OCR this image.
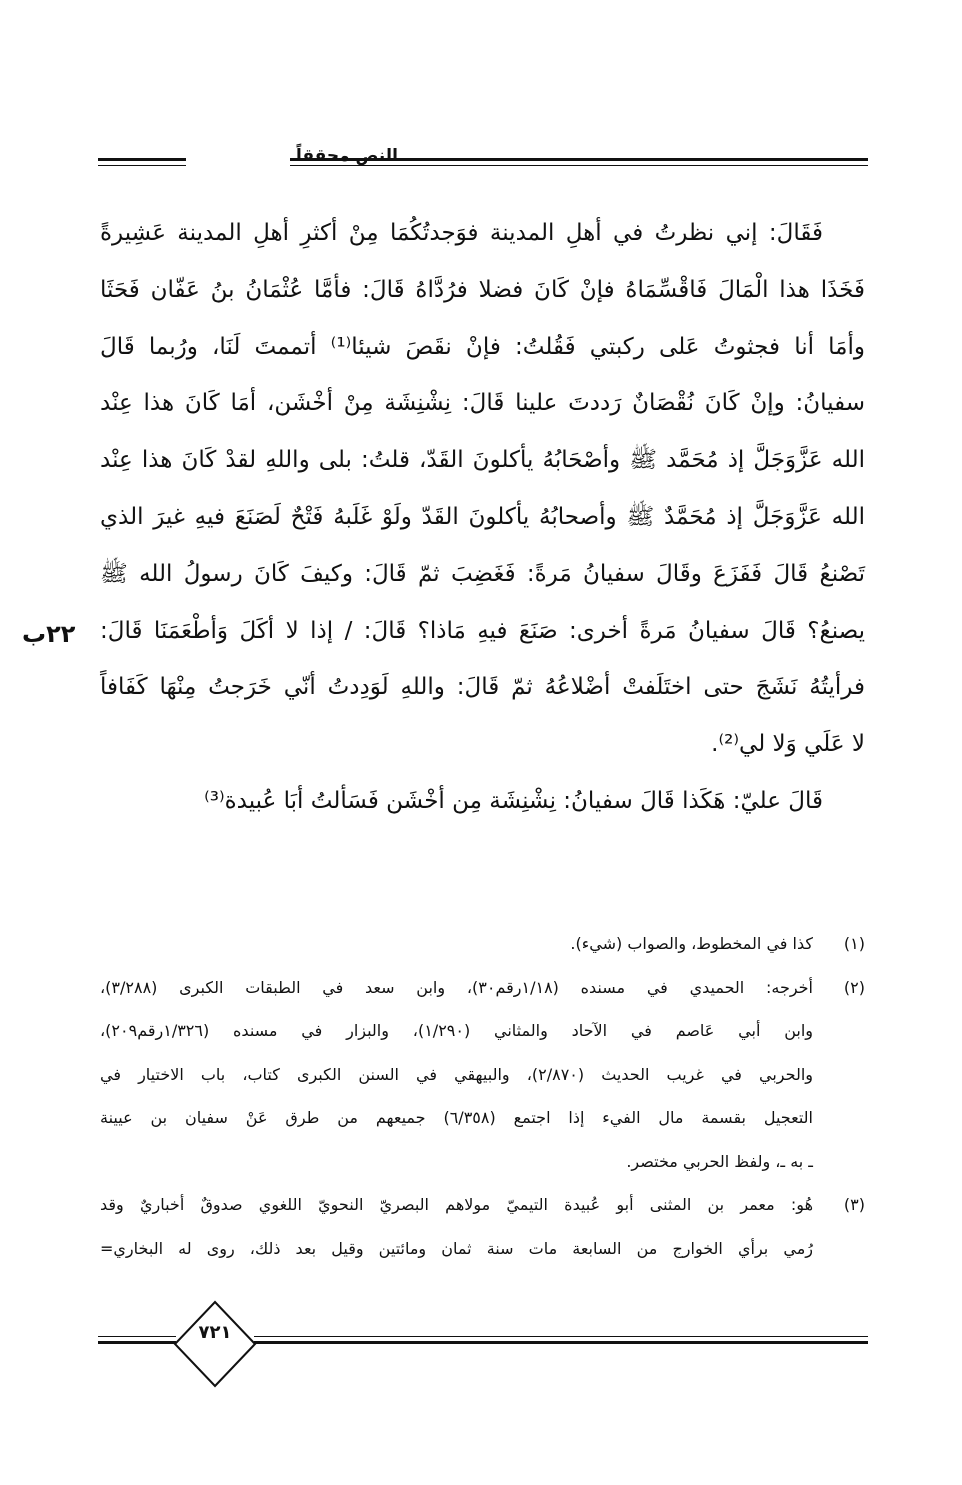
النص محققاً
فَقَالَ: إني نظرتُ في أهلِ المدينة فوَجدتُكُمَا مِنْ أكثرِ أهلِ المدينة عَشِيرةً
فَخَذَا هذا الْمَالَ فَاقْسِّمَاهُ فإنْ كَانَ فضلا فرُدَّاهُ قَالَ: فأمَّا عُثْمَانُ بنُ عَفّان فَحَثَا
وأمَا أنا فجثوتُ عَلى ركبتي فَقُلتُ: فإنْ نقَصَ شيئا⁽¹⁾ أتممتَ لَنَا، ورُبما قَالَ
سفيانُ: وإنْ كَانَ نُقْصَانٌ رَددتَ علينا قَالَ: نِشْنِشَة مِنْ أخْشَن، أمَا كَانَ هذا عِنْد
الله عَزَّوَجَلَّ إذ مُحَمَّد ﷺ وأصْحَابُهُ يأكلونَ القَدّ، قلتُ: بلى واللهِ لقدْ كَانَ هذا عِنْد
الله عَزَّوَجَلَّ إذ مُحَمَّدٌ ﷺ وأصحابُهُ يأكلونَ القَدّ ولَوْ غَلَبهُ فَتْحٌ لَصَنَعَ فيهِ غيرَ الذي
تَصْنعُ قَالَ فَفَزَعَ وقَالَ سفيانُ مَرةً: فَغَضِبَ ثمّ قَالَ: وكيفَ كَانَ رسولُ الله ﷺ
يصنعُ؟ قَالَ سفيانُ مَرةً أخرى: صَنَعَ فيهِ مَاذا؟ قَالَ: / إذا لا أكَلَ وَأطْعَمَنَا قَالَ:
فرأيتُهُ نَشَجَ حتى اختَلَفتْ أضْلاعُهُ ثمّ قَالَ: واللهِ لَوَدِدتُ أنّي خَرَجتُ مِنْهَا كَفَافاً
لا عَلَي وَلا لي⁽²⁾.
قَالَ عليّ: هَكَذا قَالَ سفيانُ: نِشْنِشَة مِن أخْشَن فَسَألتُ أبَا عُبيدة⁽³⁾
٢٢ب
(١)
كذا في المخطوط، والصواب (شيء).
(٢)
أخرجه: الحميدي في مسنده (١/١٨رقم٣٠)، وابن سعد في الطبقات الكبرى (٣/٢٨٨)،
وابن أبي عَاصم في الآحاد والمثاني (١/٢٩٠)، والبزار في مسنده (١/٣٢٦رقم٢٠٩)،
والحربي في غريب الحديث (٢/٨٧٠)، والبيهقي في السنن الكبرى كتاب، باب الاختيار في
التعجيل بقسمة مال الفيء إذا اجتمع (٦/٣٥٨) جميعهم من طرق عَنْ سفيان بن عيينة
ـ به ـ، ولفظ الحربي مختصر.
(٣)
هُو: معمر بن المثنى أبو عُبيدة التيميّ مولاهم البصريّ النحويّ اللغوي صدوقٌ أخباريٌ وقد
رُمي برأي الخوارج من السابعة مات سنة ثمان ومائتين وقيل بعد ذلك، روى له البخاري=
٧٢١
